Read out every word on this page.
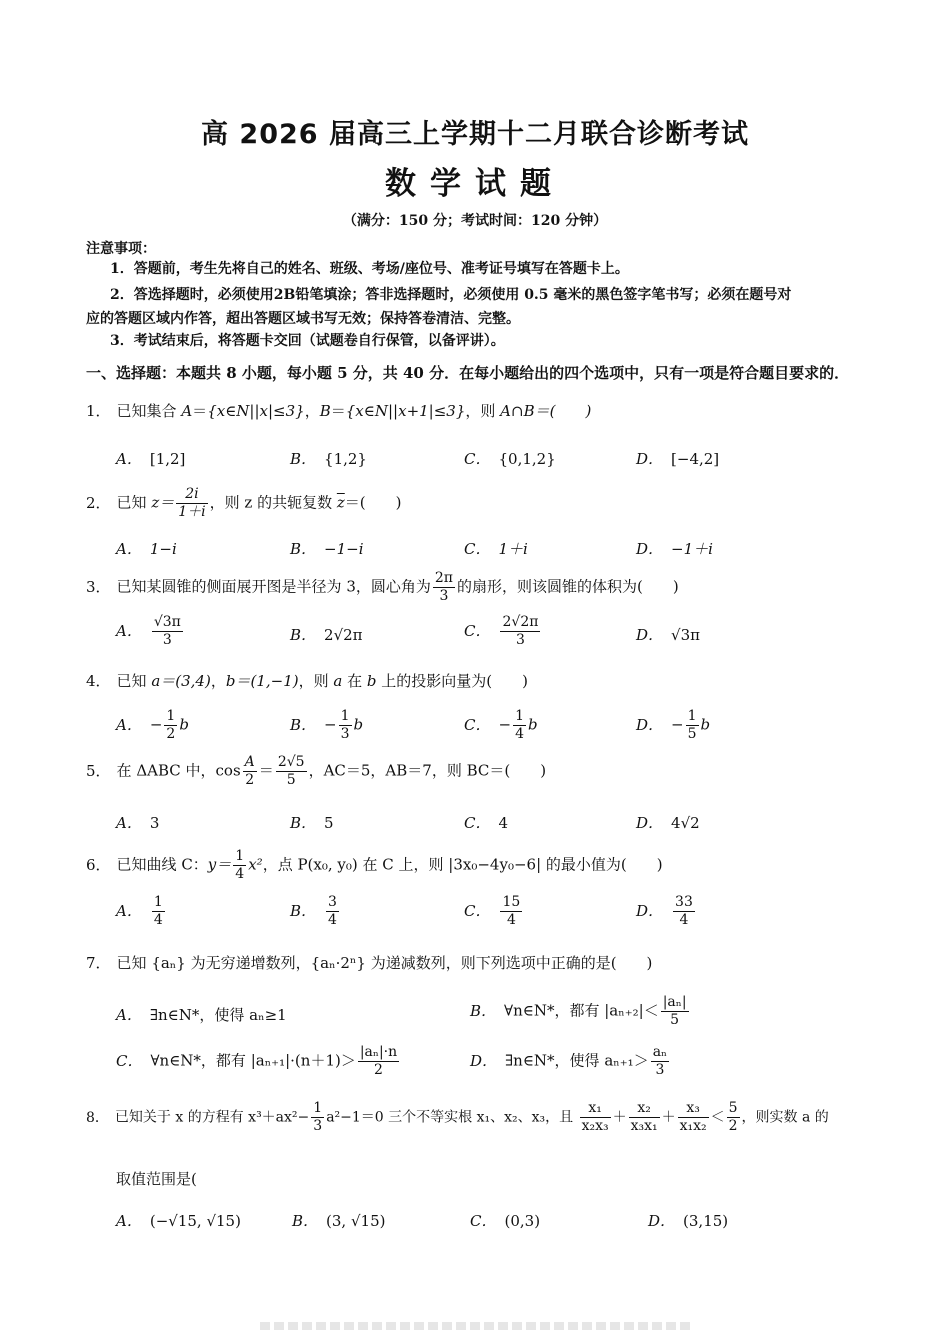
高 2026 届高三上学期十二月联合诊断考试
数学试题
（满分：150 分；考试时间：120 分钟）
注意事项：
1．答题前，考生先将自己的姓名、班级、考场/座位号、准考证号填写在答题卡上。
2．答选择题时，必须使用2B铅笔填涂；答非选择题时，必须使用 0.5 毫米的黑色签字笔书写；必须在题号对
应的答题区域内作答，超出答题区域书写无效；保持答卷清洁、完整。
3．考试结束后，将答题卡交回（试题卷自行保管，以备评讲）。
一、选择题：本题共 8 小题，每小题 5 分，共 40 分．在每小题给出的四个选项中，只有一项是符合题目要求的．
1． 已知集合 A＝{x∈N||x|≤3}，B＝{x∈N||x+1|≤3}，则 A∩B＝(　　)
A． [1,2]	B． {1,2}	C． {0,1,2}	D． [−4,2]
2． 已知 $z= \frac{2i}{1+i}$ ，则 z 的共轭复数 $\overline{z}=$(　　)
A． 1−i	B． −1−i	C． 1＋i	D． −1＋i
3． 已知某圆锥的侧面展开图是半径为 3，圆心角为 $\frac{2\pi}{3}$ 的扇形，则该圆锥的体积为(　　)
A． $\frac{√3\pi}{3}$	B． 2√2π	C． $\frac{2√2\pi}{3}$	D． √3π
4． 已知 a＝(3,4)，b＝(1,−1)，则 a 在 b 上的投影向量为(　　)
A． − $\frac{1}{2}$ b	B． − $\frac{1}{3}$ b	C． − $\frac{1}{4}$ b	D． − $\frac{1}{5}$ b
5． 在 ΔABC 中，$\cos \frac{A}{2} = \frac{2√5}{5}$ ，AC＝5，AB＝7，则 BC＝(　　)
A． 3	B． 5	C． 4	D． 4√2
6． 已知曲线 C：$y= \frac{1}{4} x^2$，点 P(x₀, y₀) 在 C 上，则 |3x₀−4y₀−6| 的最小值为(　　)
A． $\frac{1}{4}$	B． $\frac{3}{4}$	C． $\frac{15}{4}$	D． $\frac{33}{4}$
7． 已知 {aₙ} 为无穷递增数列，{aₙ·2ⁿ} 为递减数列，则下列选项中正确的是(　　)
A． ∃n∈N*，使得 aₙ≥1	B． ∀n∈N*，都有 $|a_{n+2}|< \frac{\text{|aₙ|}}{5}$
C． ∀n∈N*，都有 $|a_{n+1}|\cdot(n+1)> \frac{\text{|aₙ|·n}}{2}$	D． ∃n∈N*，使得 $a_{n+1}> \frac{\text{aₙ}}{3}$
8． 已知关于 x 的方程有 $x^3+ax^2- \frac{1}{3} a^2-1=0$ 三个不等实根 x₁、x₂、x₃，且 $\frac{\text{x₁}}{\text{x₂x₃}} + \frac{\text{x₂}}{\text{x₃x₁}} + \frac{\text{x₃}}{\text{x₁x₂}} < \frac{5}{2}$ ，则实数 a 的
取值范围是(
A． (−√15, √15)	B． (3, √15)	C． (0,3)	D． (3,15)
